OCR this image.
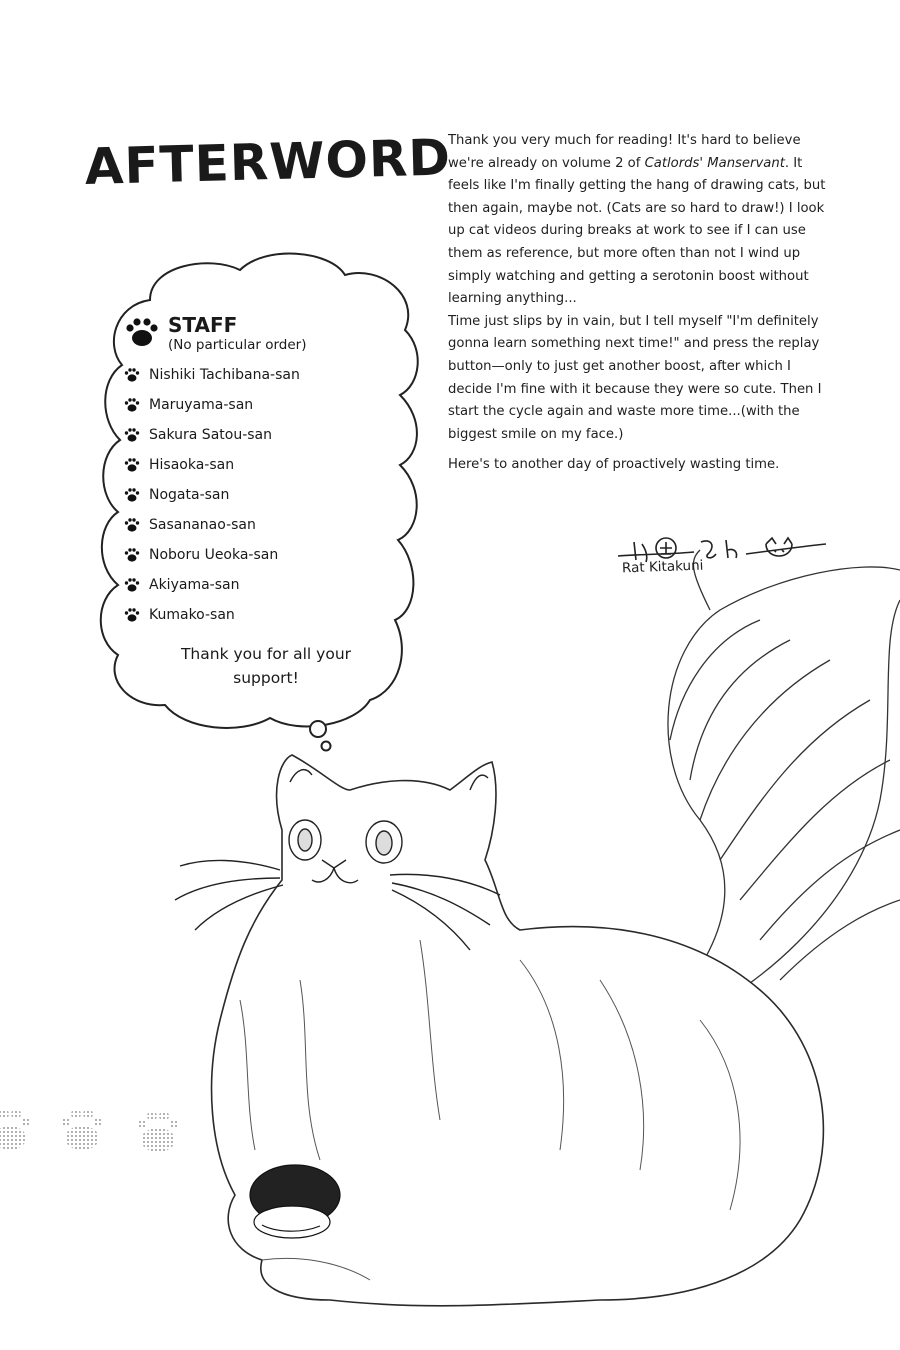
AFTERWORD

Thank you very much for reading! It's hard to believe we're already on volume 2 of Catlords' Manservant. It feels like I'm finally getting the hang of drawing cats, but then again, maybe not. (Cats are so hard to draw!) I look up cat videos during breaks at work to see if I can use them as reference, but more often than not I wind up simply watching and getting a serotonin boost without learning anything...

Time just slips by in vain, but I tell myself "I'm definitely gonna learn something next time!" and press the replay button—only to just get another boost, after which I decide I'm fine with it because they were so cute. Then I start the cycle again and waste more time...(with the biggest smile on my face.)

Here's to another day of proactively wasting time.

Rat Kitakuni
STAFF
(No particular order)
Nishiki Tachibana-san
Maruyama-san
Sakura Satou-san
Hisaoka-san
Nogata-san
Sasananao-san
Noboru Ueoka-san
Akiyama-san
Kumako-san
Thank you for all your support!
